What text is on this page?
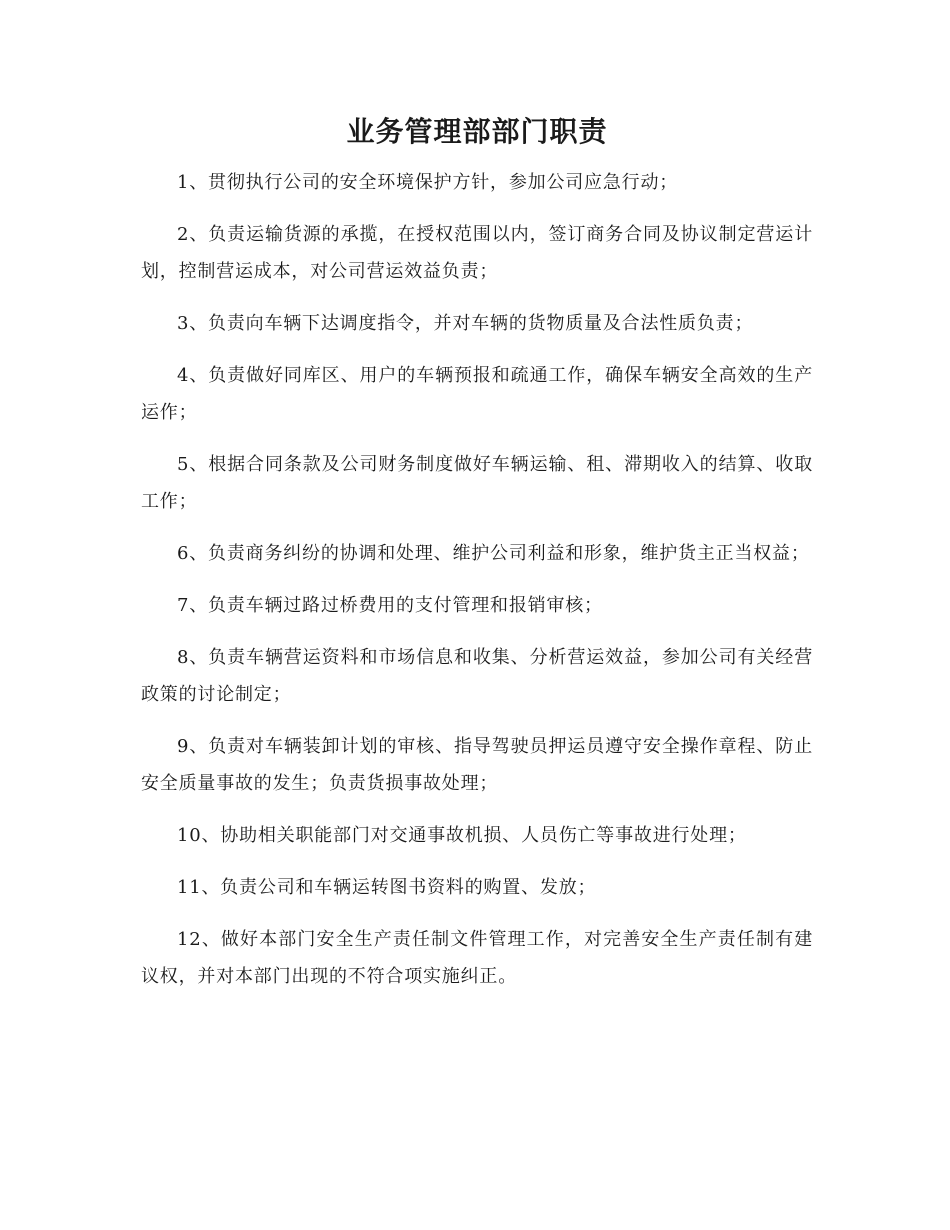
业务管理部部门职责

1、贯彻执行公司的安全环境保护方针，参加公司应急行动；

2、负责运输货源的承揽，在授权范围以内，签订商务合同及协议制定营运计划，控制营运成本，对公司营运效益负责；

3、负责向车辆下达调度指令，并对车辆的货物质量及合法性质负责；

4、负责做好同库区、用户的车辆预报和疏通工作，确保车辆安全高效的生产运作；

5、根据合同条款及公司财务制度做好车辆运输、租、滞期收入的结算、收取工作；

6、负责商务纠纷的协调和处理、维护公司利益和形象，维护货主正当权益；

7、负责车辆过路过桥费用的支付管理和报销审核；

8、负责车辆营运资料和市场信息和收集、分析营运效益，参加公司有关经营政策的讨论制定；

9、负责对车辆装卸计划的审核、指导驾驶员押运员遵守安全操作章程、防止安全质量事故的发生；负责货损事故处理；

10、协助相关职能部门对交通事故机损、人员伤亡等事故进行处理；

11、负责公司和车辆运转图书资料的购置、发放；

12、做好本部门安全生产责任制文件管理工作，对完善安全生产责任制有建议权，并对本部门出现的不符合项实施纠正。
